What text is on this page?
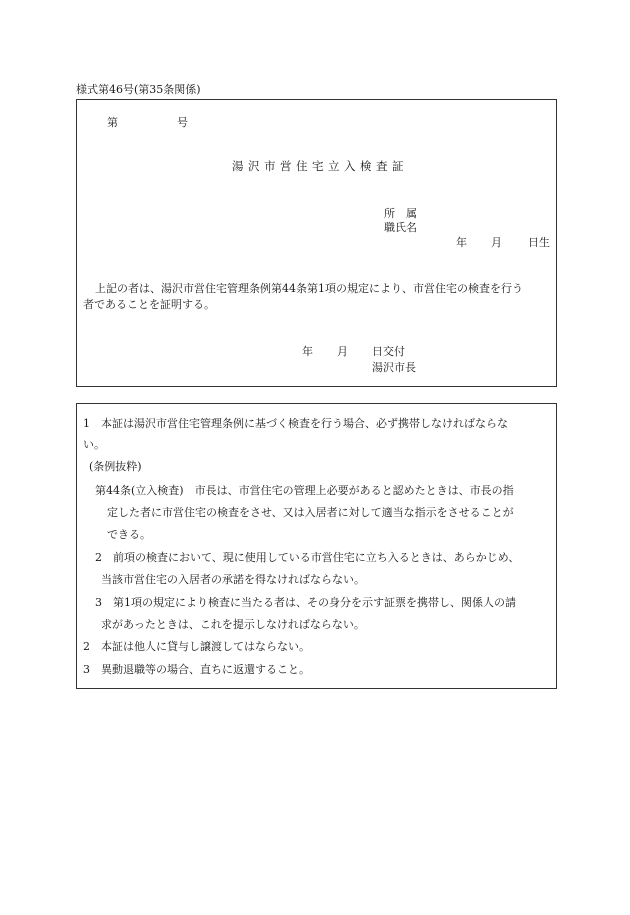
様式第46号(第35条関係)
第	号
湯沢市営住宅立入検査証
所　属
職氏名
年 月 日生
上記の者は、湯沢市営住宅管理条例第44条第1項の規定により、市営住宅の検査を行う
者であることを証明する。
年 月 日交付
湯沢市長
1　本証は湯沢市営住宅管理条例に基づく検査を行う場合、必ず携帯しなければならな
い。
(条例抜粋)
第44条(立入検査)　市長は、市営住宅の管理上必要があると認めたときは、市長の指
定した者に市営住宅の検査をさせ、又は入居者に対して適当な指示をさせることが
できる。
2　前項の検査において、現に使用している市営住宅に立ち入るときは、あらかじめ、
当該市営住宅の入居者の承諾を得なければならない。
3　第1項の規定により検査に当たる者は、その身分を示す証票を携帯し、関係人の請
求があったときは、これを提示しなければならない。
2　本証は他人に貸与し譲渡してはならない。
3　異動退職等の場合、直ちに返還すること。
